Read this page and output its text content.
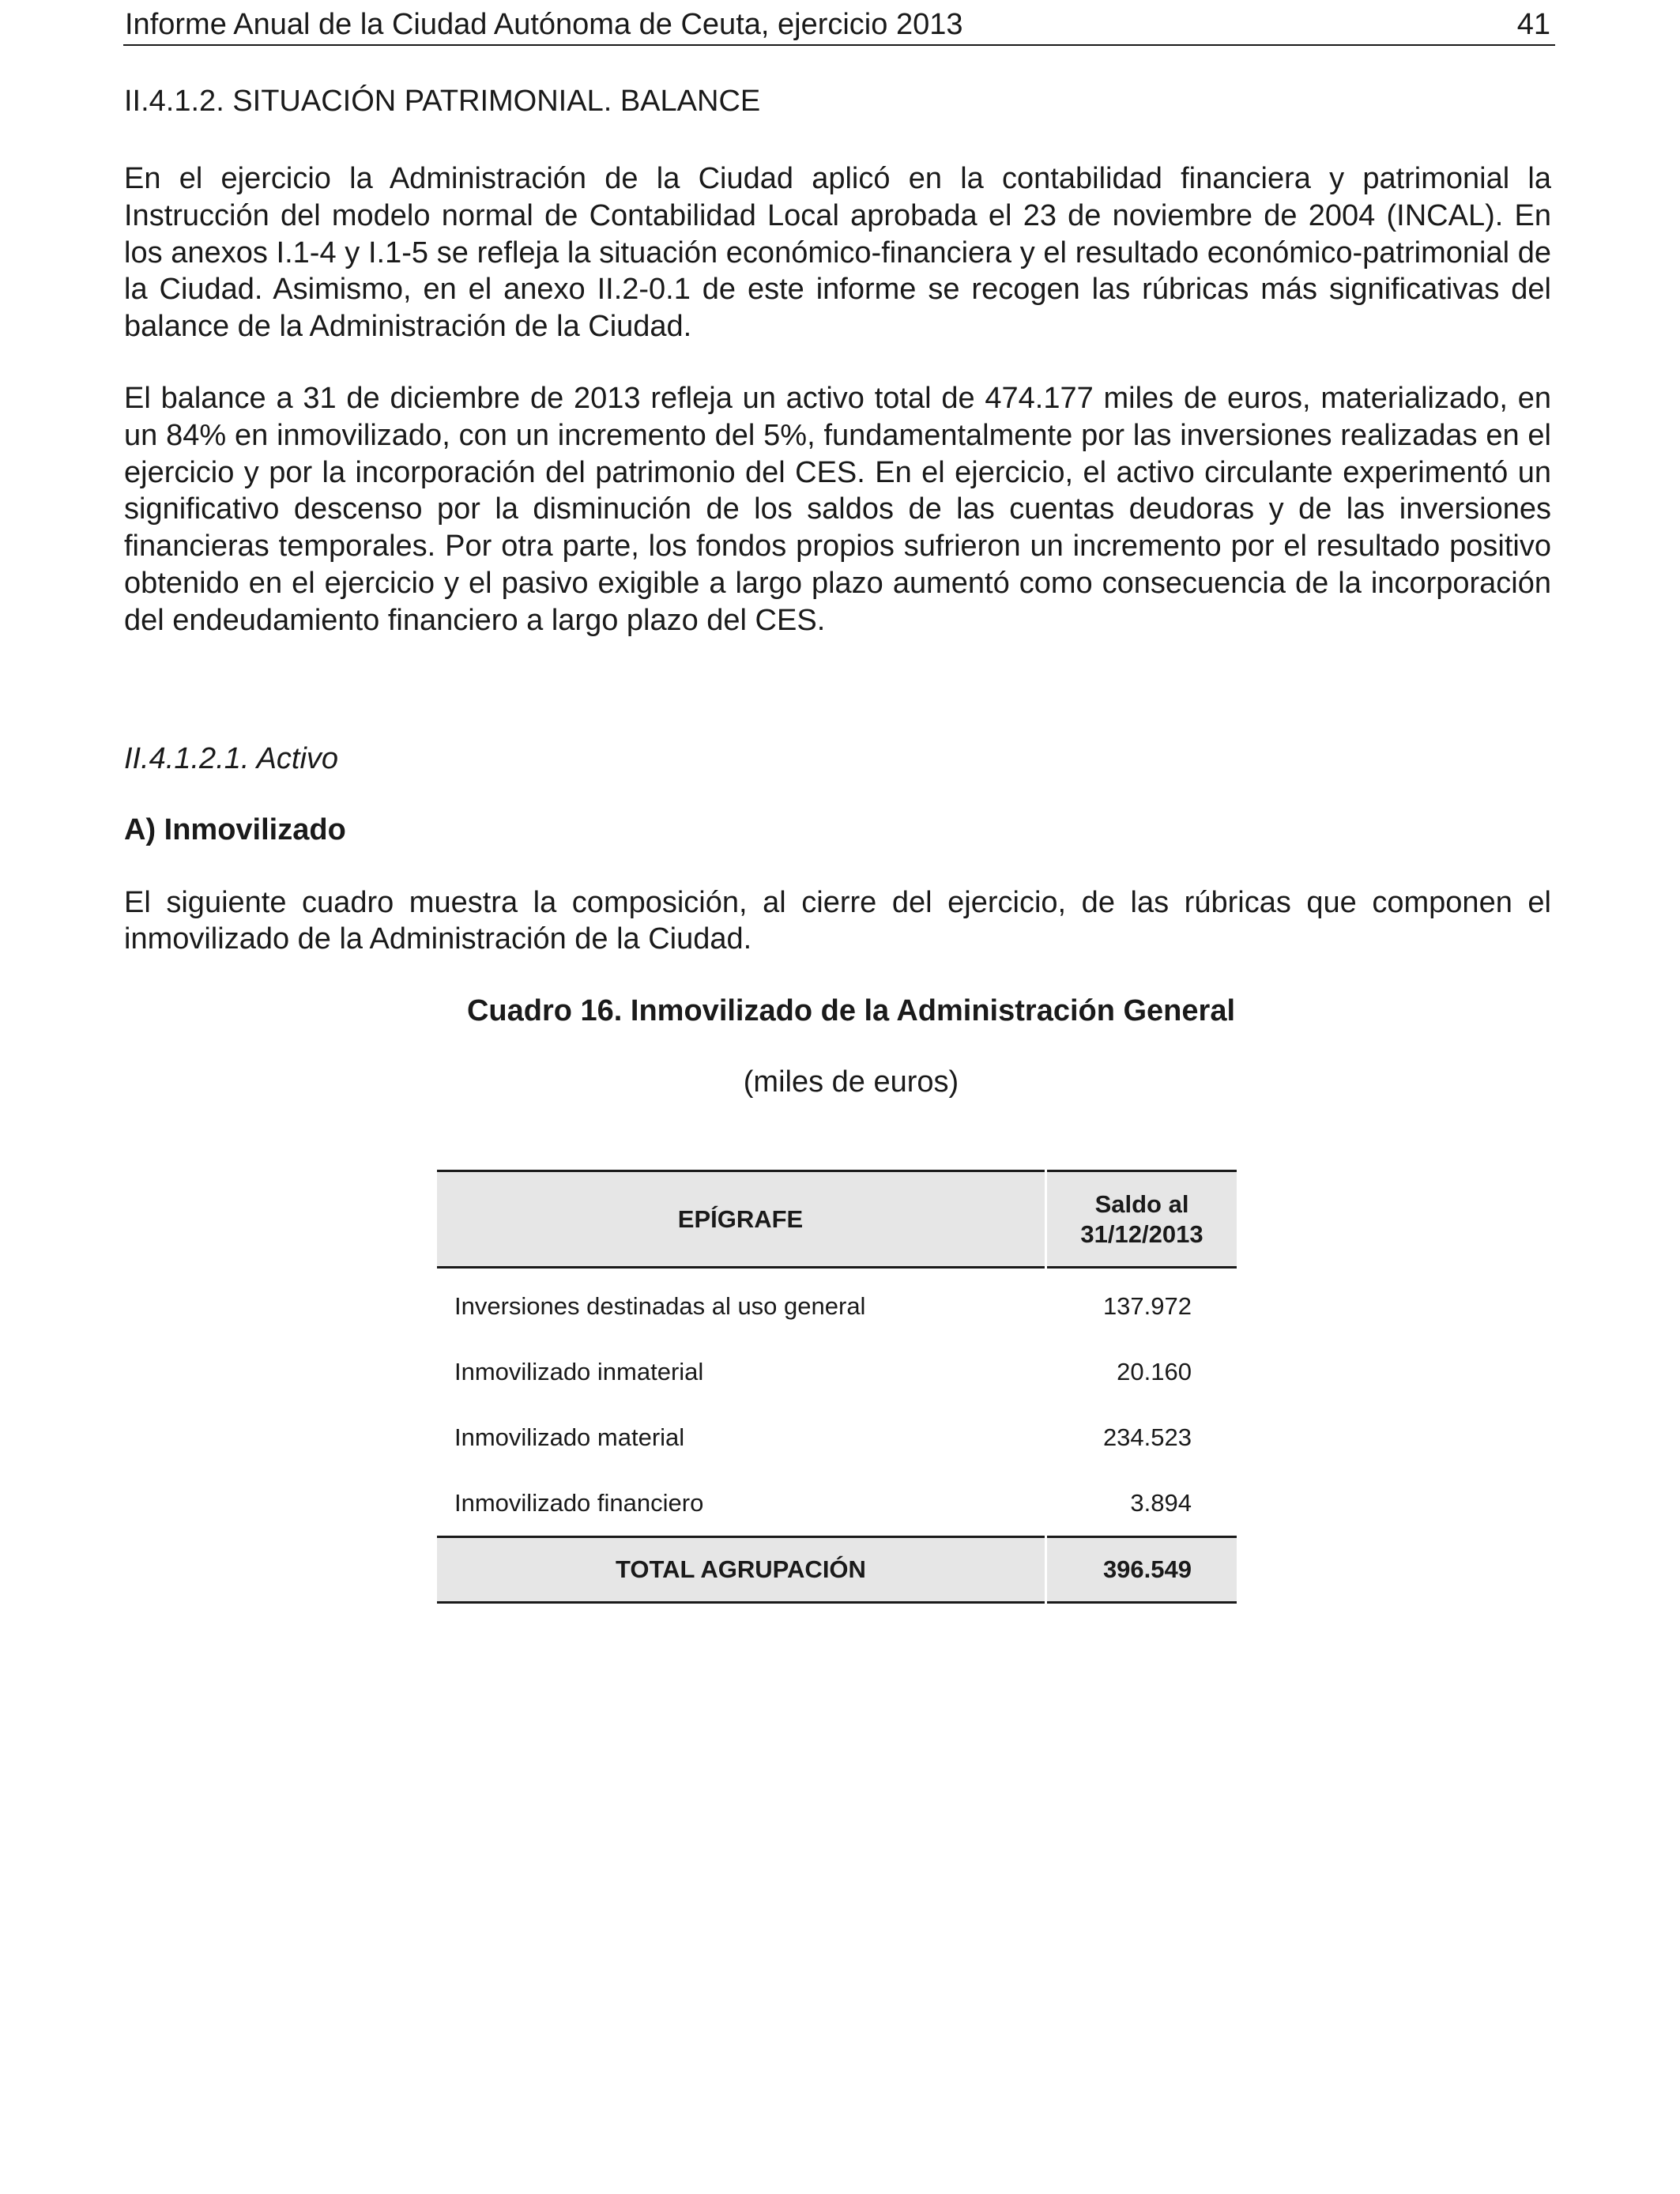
Informe Anual de la Ciudad Autónoma de Ceuta, ejercicio 2013	41

II.4.1.2. SITUACIÓN PATRIMONIAL. BALANCE

En el ejercicio la Administración de la Ciudad aplicó en la contabilidad financiera y patrimonial la Instrucción del modelo normal de Contabilidad Local aprobada el 23 de noviembre de 2004 (INCAL). En los anexos I.1-4 y I.1-5 se refleja la situación económico-financiera y el resultado económico-patrimonial de la Ciudad. Asimismo, en el anexo II.2-0.1 de este informe se recogen las rúbricas más significativas del balance de la Administración de la Ciudad.

El balance a 31 de diciembre de 2013 refleja un activo total de 474.177 miles de euros, materializado, en un 84% en inmovilizado, con un incremento del 5%, fundamentalmente por las inversiones realizadas en el ejercicio y por la incorporación del patrimonio del CES. En el ejercicio, el activo circulante experimentó un significativo descenso por la disminución de los saldos de las cuentas deudoras y de las inversiones financieras temporales. Por otra parte, los fondos propios sufrieron un incremento por el resultado positivo obtenido en el ejercicio y el pasivo exigible a largo plazo aumentó como consecuencia de la incorporación del endeudamiento financiero a largo plazo del CES.

II.4.1.2.1. Activo

A) Inmovilizado

El siguiente cuadro muestra la composición, al cierre del ejercicio, de las rúbricas que componen el inmovilizado de la Administración de la Ciudad.

Cuadro 16. Inmovilizado de la Administración General

(miles de euros)

EPÍGRAFE	Saldo al
31/12/2013
Inversiones destinadas al uso general	137.972
Inmovilizado inmaterial	20.160
Inmovilizado material	234.523
Inmovilizado financiero	3.894
TOTAL AGRUPACIÓN	396.549
